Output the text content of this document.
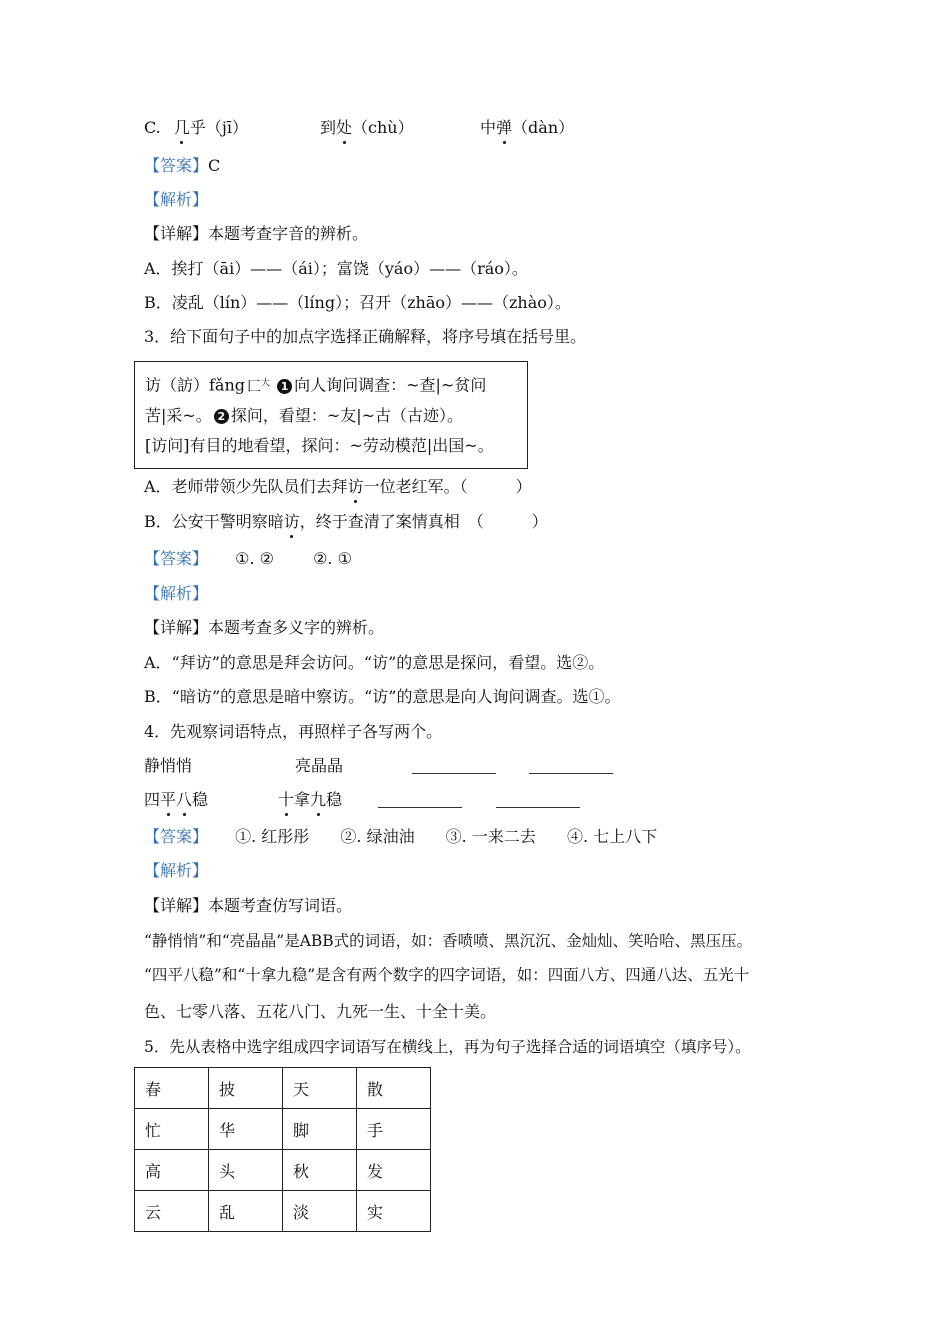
C. 几乎（jī）	到处（chù）	中弹（dàn）
【答案】C
【解析】
【详解】本题考查字音的辨析。
A．挨打（āi）——（ái）；富饶（yáo）——（ráo）。
B．凌乱（lín）——（líng）；召开（zhāo）——（zhào）。
3．给下面句子中的加点字选择正确解释，将序号填在括号里。
访（訪）fǎng 匚$^大$ 1 向人询问调查：~查|~贫问
苦|采~。 2 探问，看望：~友|~古（古迹）。
[访问]有目的地看望，探问：~劳动模范|出国~。
A．老师带领少先队员们去拜访一位老红军。（　　　）
B．公安干警明察暗访，终于查清了案情真相　（　　　）
【答案】 ①. ② ②. ①
【解析】
【详解】本题考查多义字的辨析。
A．“拜访”的意思是拜会访问。“访”的意思是探问，看望。选②。
B．“暗访”的意思是暗中察访。“访”的意思是向人询问调查。选①。
4．先观察词语特点，再照样子各写两个。
静悄悄	亮晶晶
四平八稳	十拿九稳
【答案】 ①. 红彤彤 ②. 绿油油 ③. 一来二去 ④. 七上八下
【解析】
【详解】本题考查仿写词语。
“静悄悄”和“亮晶晶”是ABB式的词语，如：香喷喷、黑沉沉、金灿灿、笑哈哈、黑压压。
“四平八稳”和“十拿九稳”是含有两个数字的四字词语，如：四面八方、四通八达、五光十
色、七零八落、五花八门、九死一生、十全十美。
5．先从表格中选字组成四字词语写在横线上，再为句子选择合适的词语填空（填序号）。
春	披	天	散
忙	华	脚	手
高	头	秋	发
云	乱	淡	实
